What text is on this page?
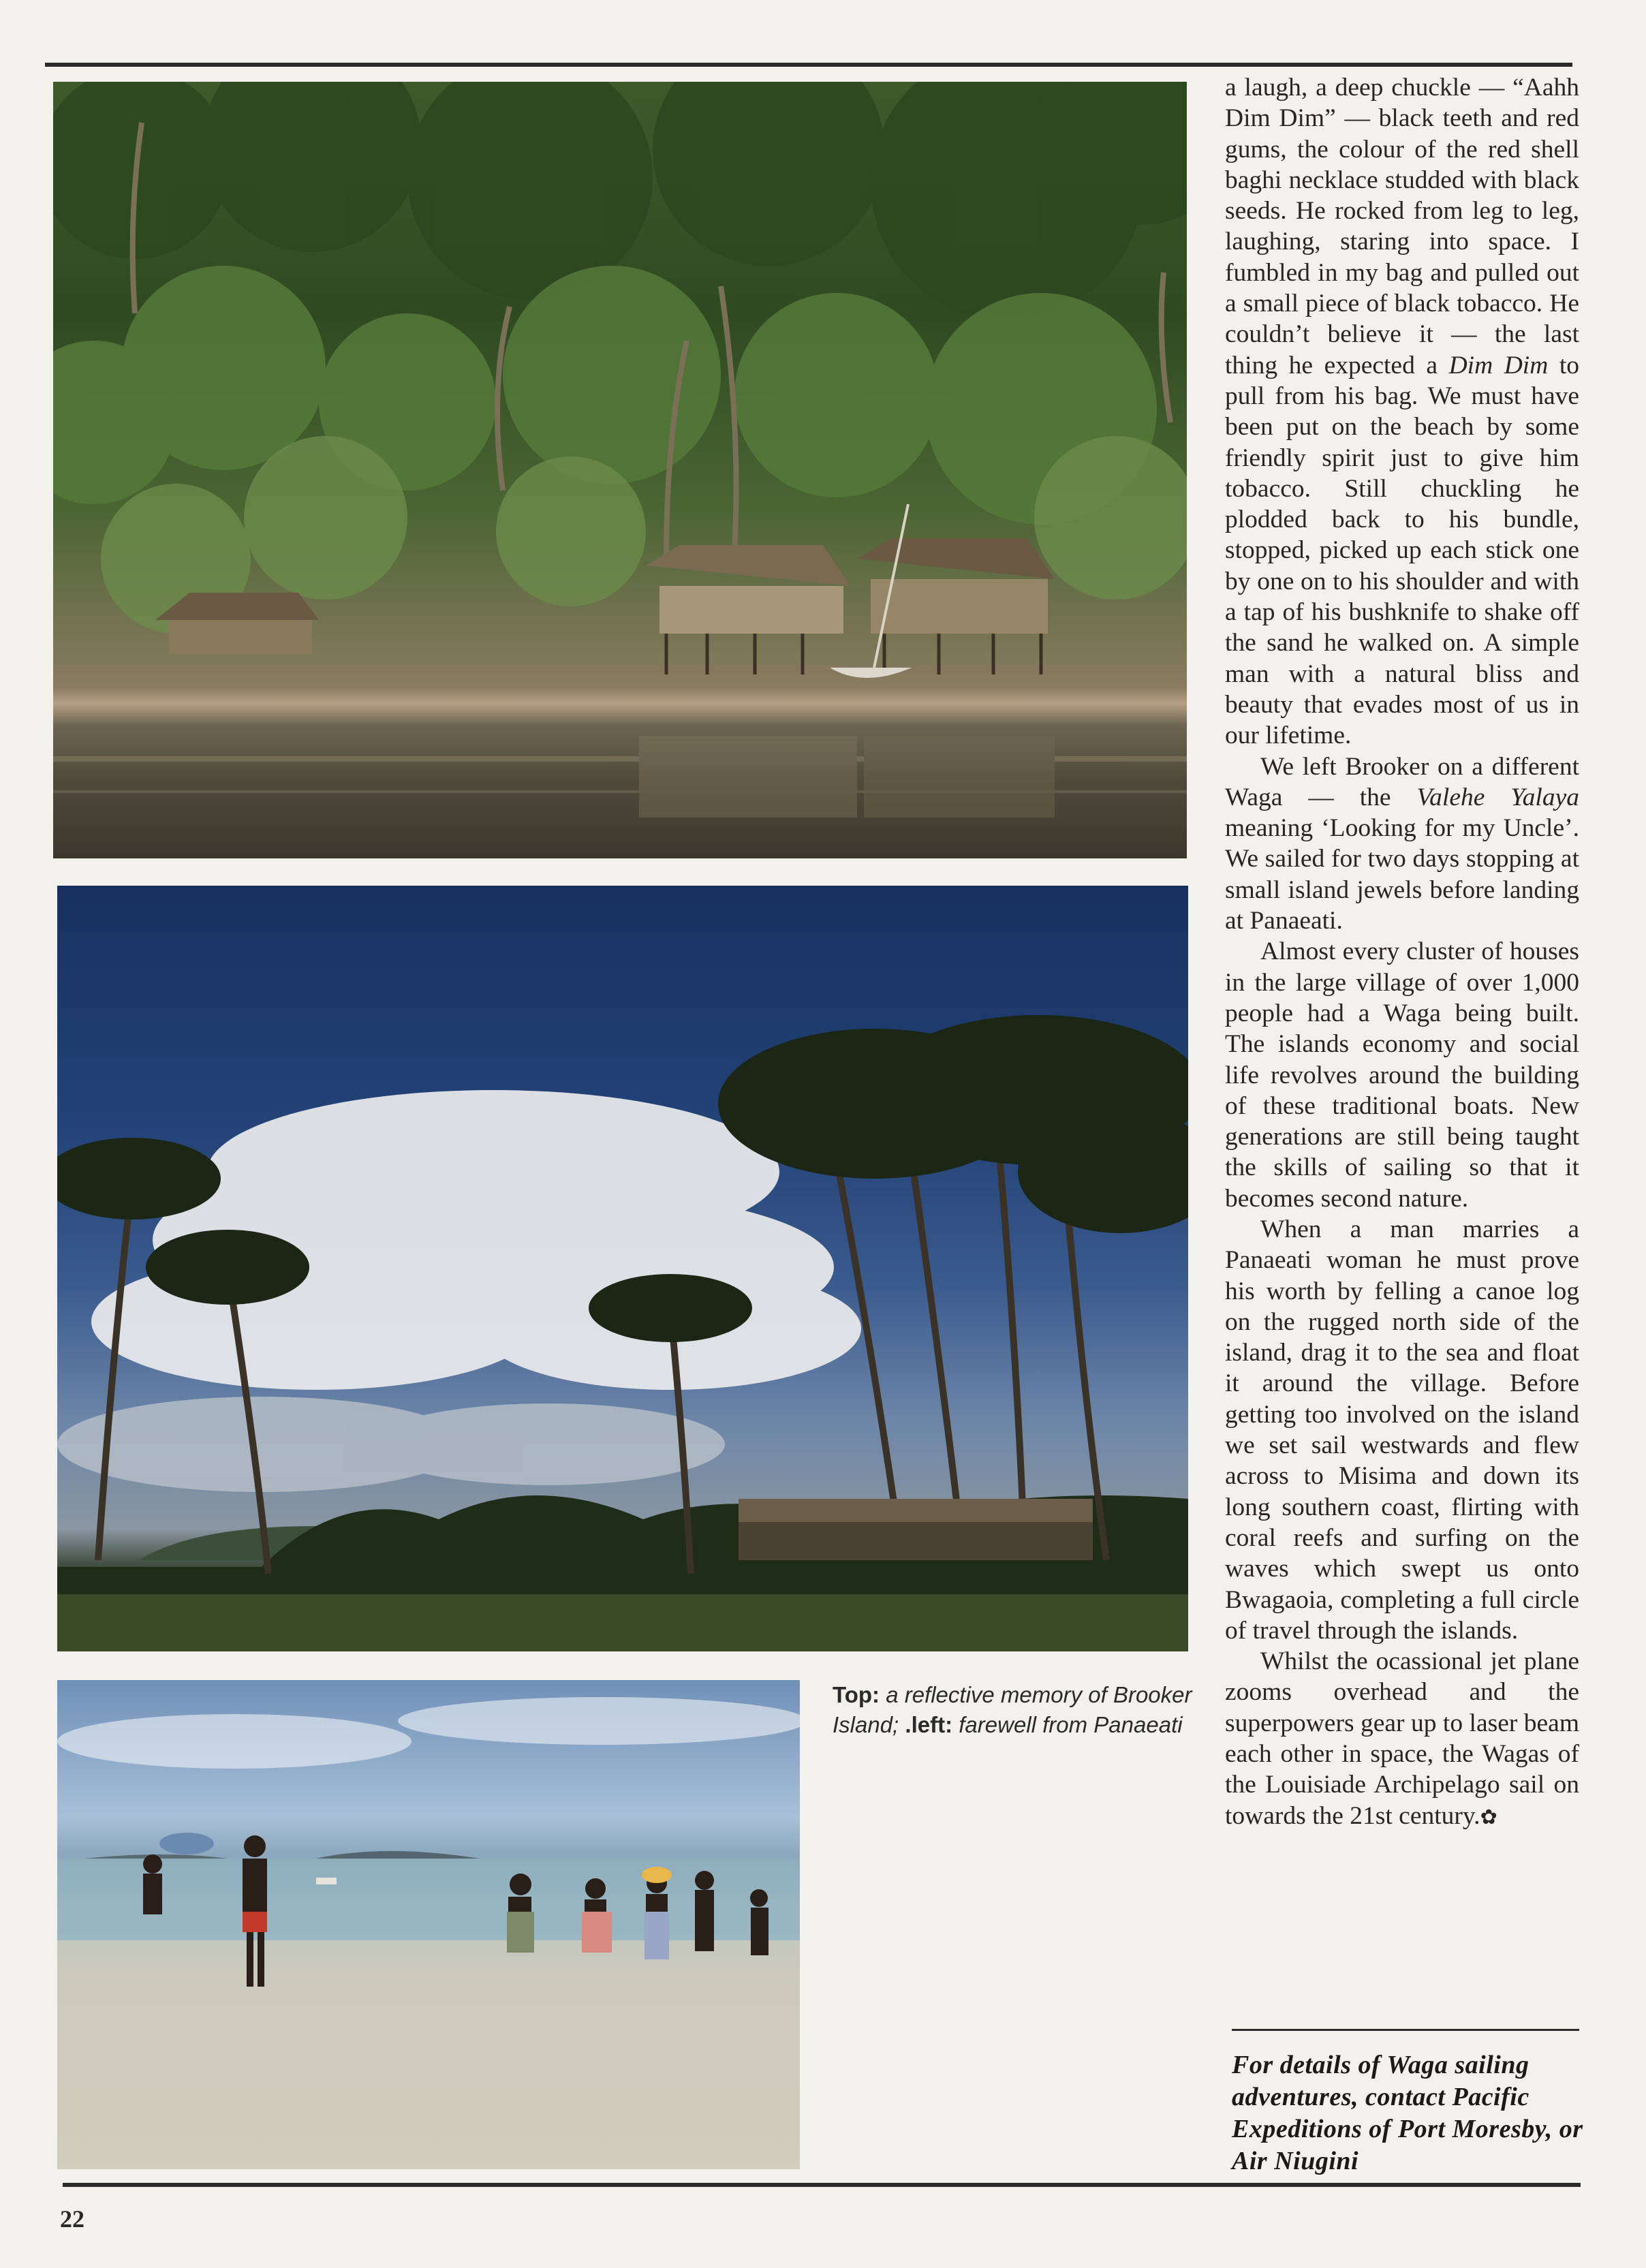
Top: a reflective memory of Brooker Island; .left: farewell from Panaeati

a laugh, a deep chuckle — “Aahh Dim Dim” — black teeth and red gums, the colour of the red shell baghi necklace studded with black seeds. He rocked from leg to leg, laughing, staring into space. I fumbled in my bag and pulled out a small piece of black tobacco. He couldn’t believe it — the last thing he expected a Dim Dim to pull from his bag. We must have been put on the beach by some friendly spirit just to give him tobacco. Still chuckling he plodded back to his bundle, stopped, picked up each stick one by one on to his shoulder and with a tap of his bushknife to shake off the sand he walked on. A simple man with a natural bliss and beauty that evades most of us in our lifetime.

We left Brooker on a different Waga — the Valehe Yalaya meaning ‘Looking for my Uncle’. We sailed for two days stopping at small island jewels before landing at Panaeati.

Almost every cluster of houses in the large village of over 1,000 people had a Waga being built. The islands economy and social life revolves around the building of these traditional boats. New generations are still being taught the skills of sailing so that it becomes second nature.

When a man marries a Panaeati woman he must prove his worth by felling a canoe log on the rugged north side of the island, drag it to the sea and float it around the village. Before getting too involved on the island we set sail westwards and flew across to Misima and down its long southern coast, flirting with coral reefs and surfing on the waves which swept us onto Bwagaoia, completing a full circle of travel through the islands.

Whilst the ocassional jet plane zooms overhead and the superpowers gear up to laser beam each other in space, the Wagas of the Louisiade Archipelago sail on towards the 21st century.✿

For details of Waga sailing adventures, contact Pacific Expeditions of Port Moresby, or Air Niugini
22
